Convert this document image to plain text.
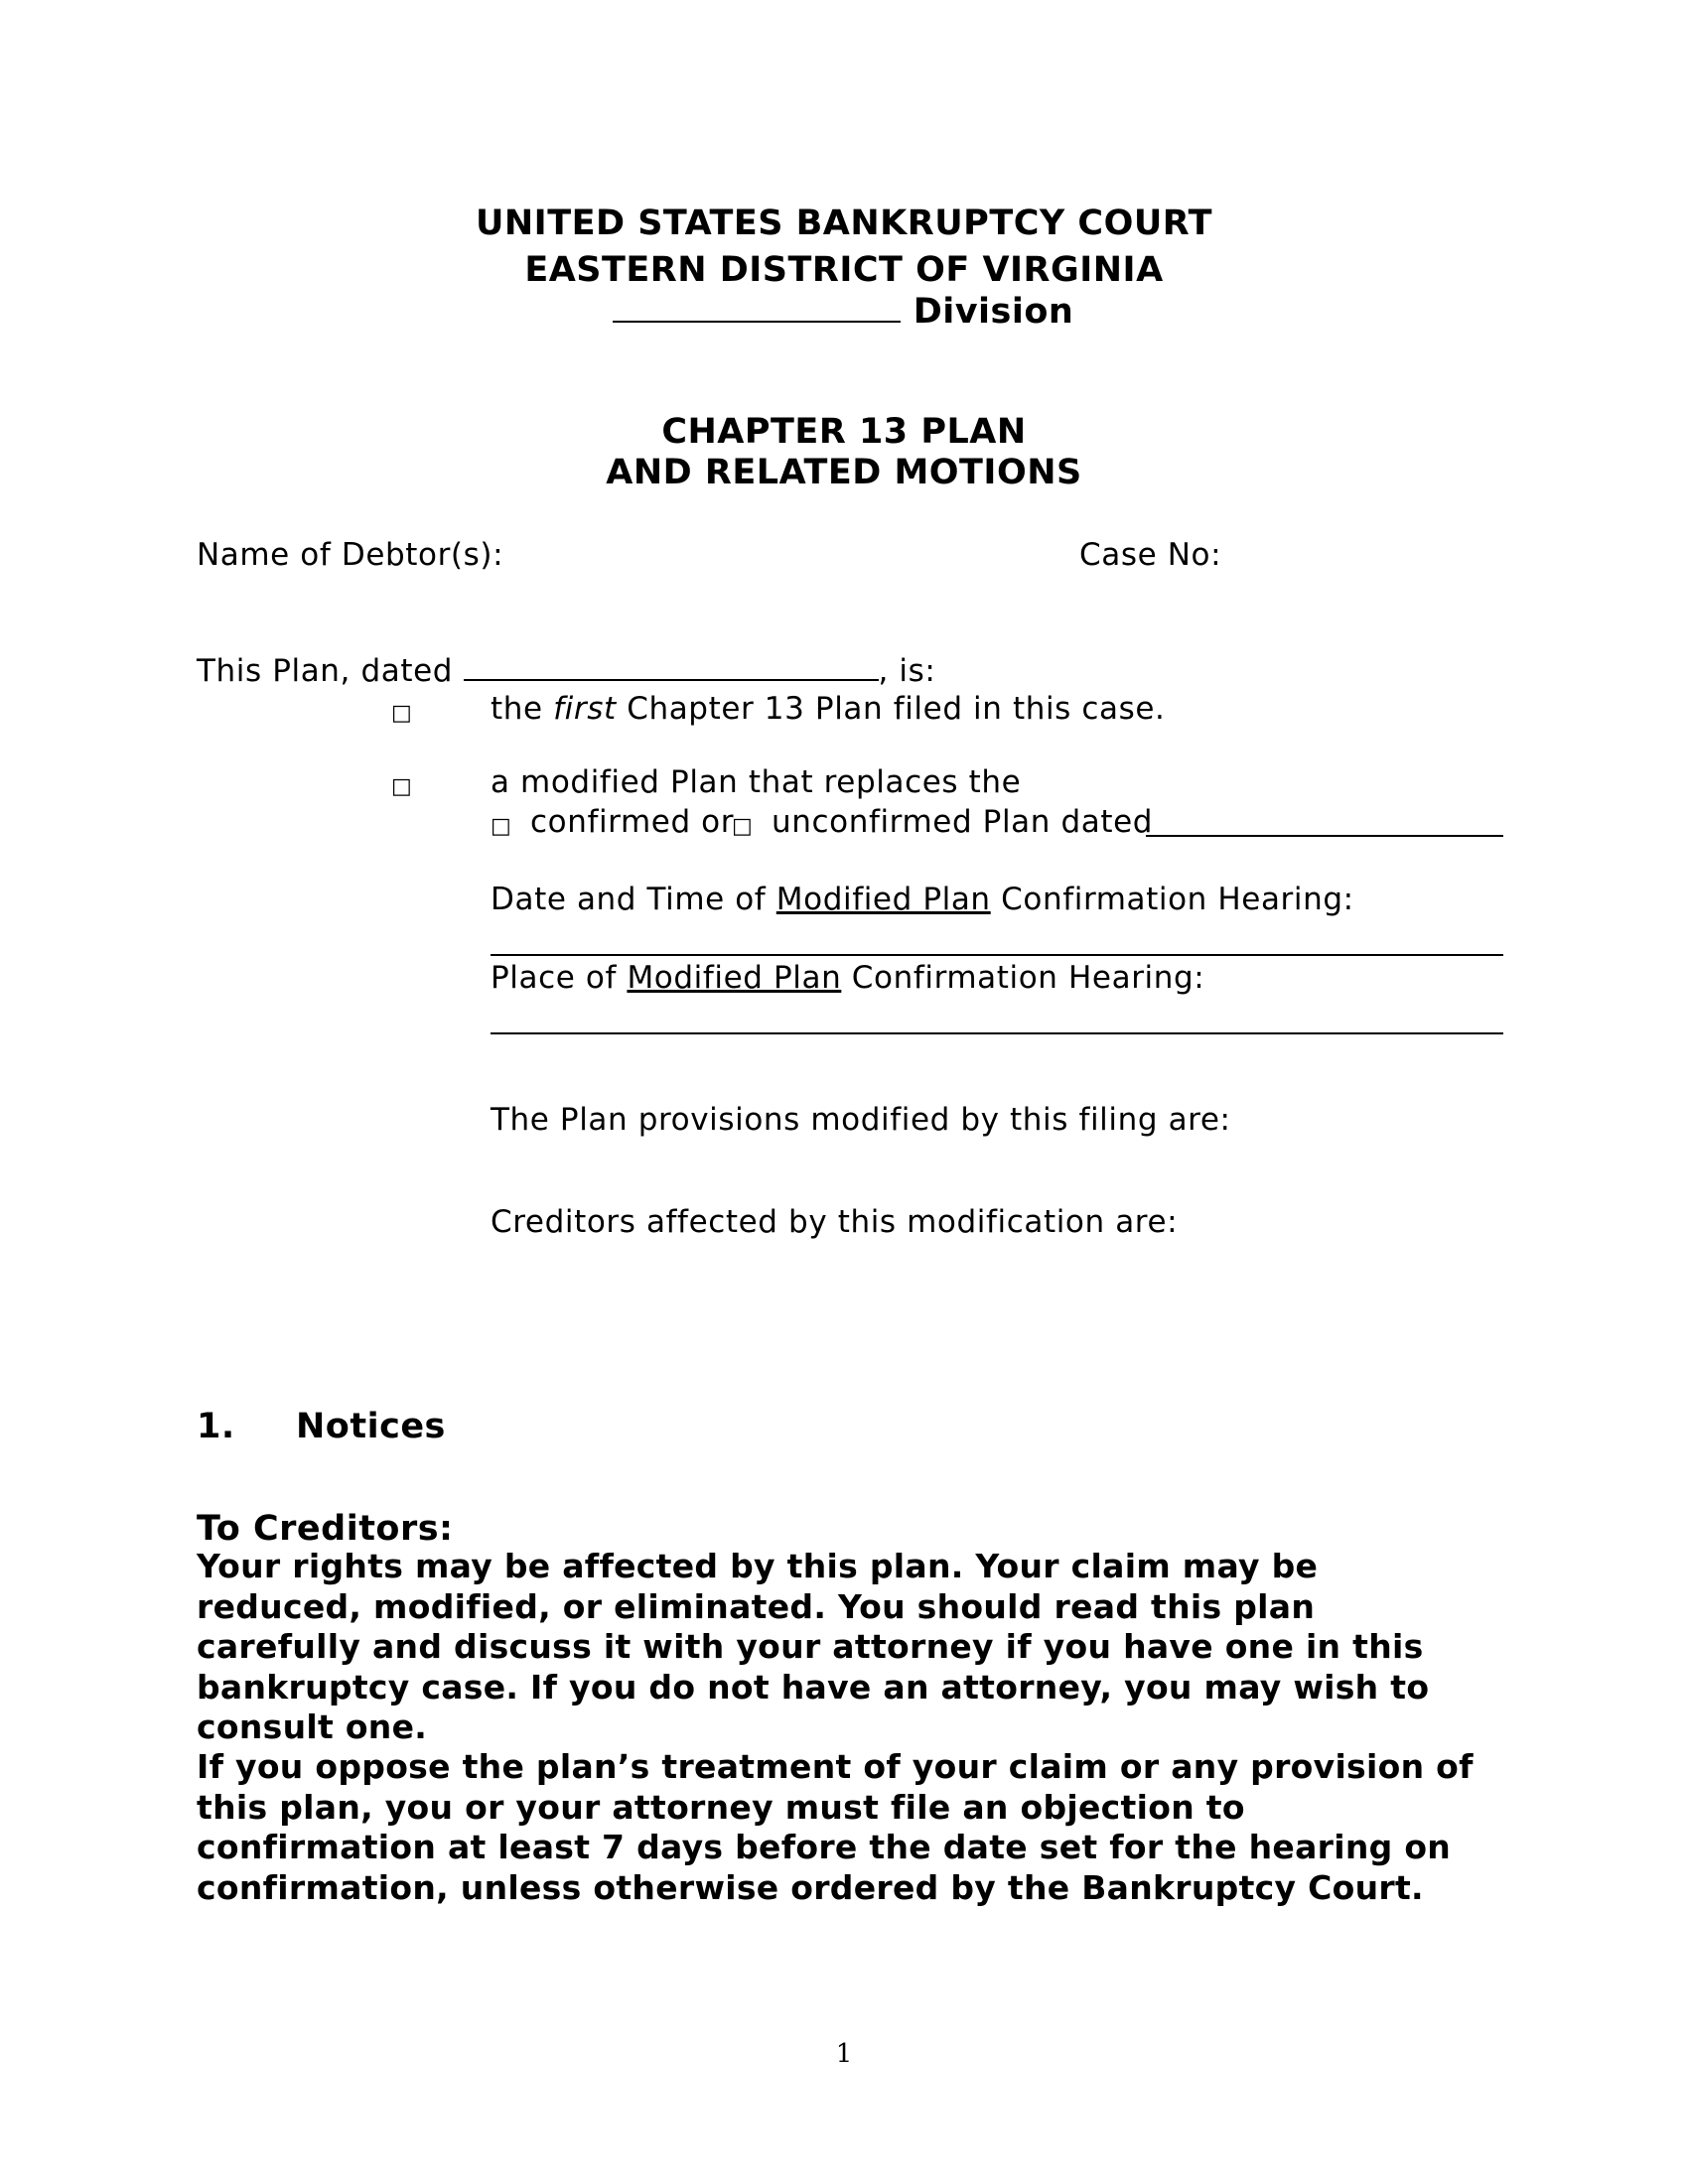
UNITED STATES BANKRUPTCY COURT
EASTERN DISTRICT OF VIRGINIA
Division
CHAPTER 13 PLAN
AND RELATED MOTIONS
Name of Debtor(s):	Case No:
This Plan, dated	, is:
□	the first Chapter 13 Plan filed in this case.
□	a modified Plan that replaces the
□ confirmed or
□ unconfirmed Plan dated
Date and Time of Modified Plan Confirmation Hearing:
Place of Modified Plan Confirmation Hearing:
The Plan provisions modified by this filing are:
Creditors affected by this modification are:
1. Notices
To Creditors:
Your rights may be affected by this plan. Your claim may be reduced, modified, or eliminated. You should read this plan carefully and discuss it with your attorney if you have one in this bankruptcy case. If you do not have an attorney, you may wish to consult one.
If you oppose the plan’s treatment of your claim or any provision of this plan, you or your attorney must file an objection to confirmation at least 7 days before the date set for the hearing on confirmation, unless otherwise ordered by the Bankruptcy Court.
1
